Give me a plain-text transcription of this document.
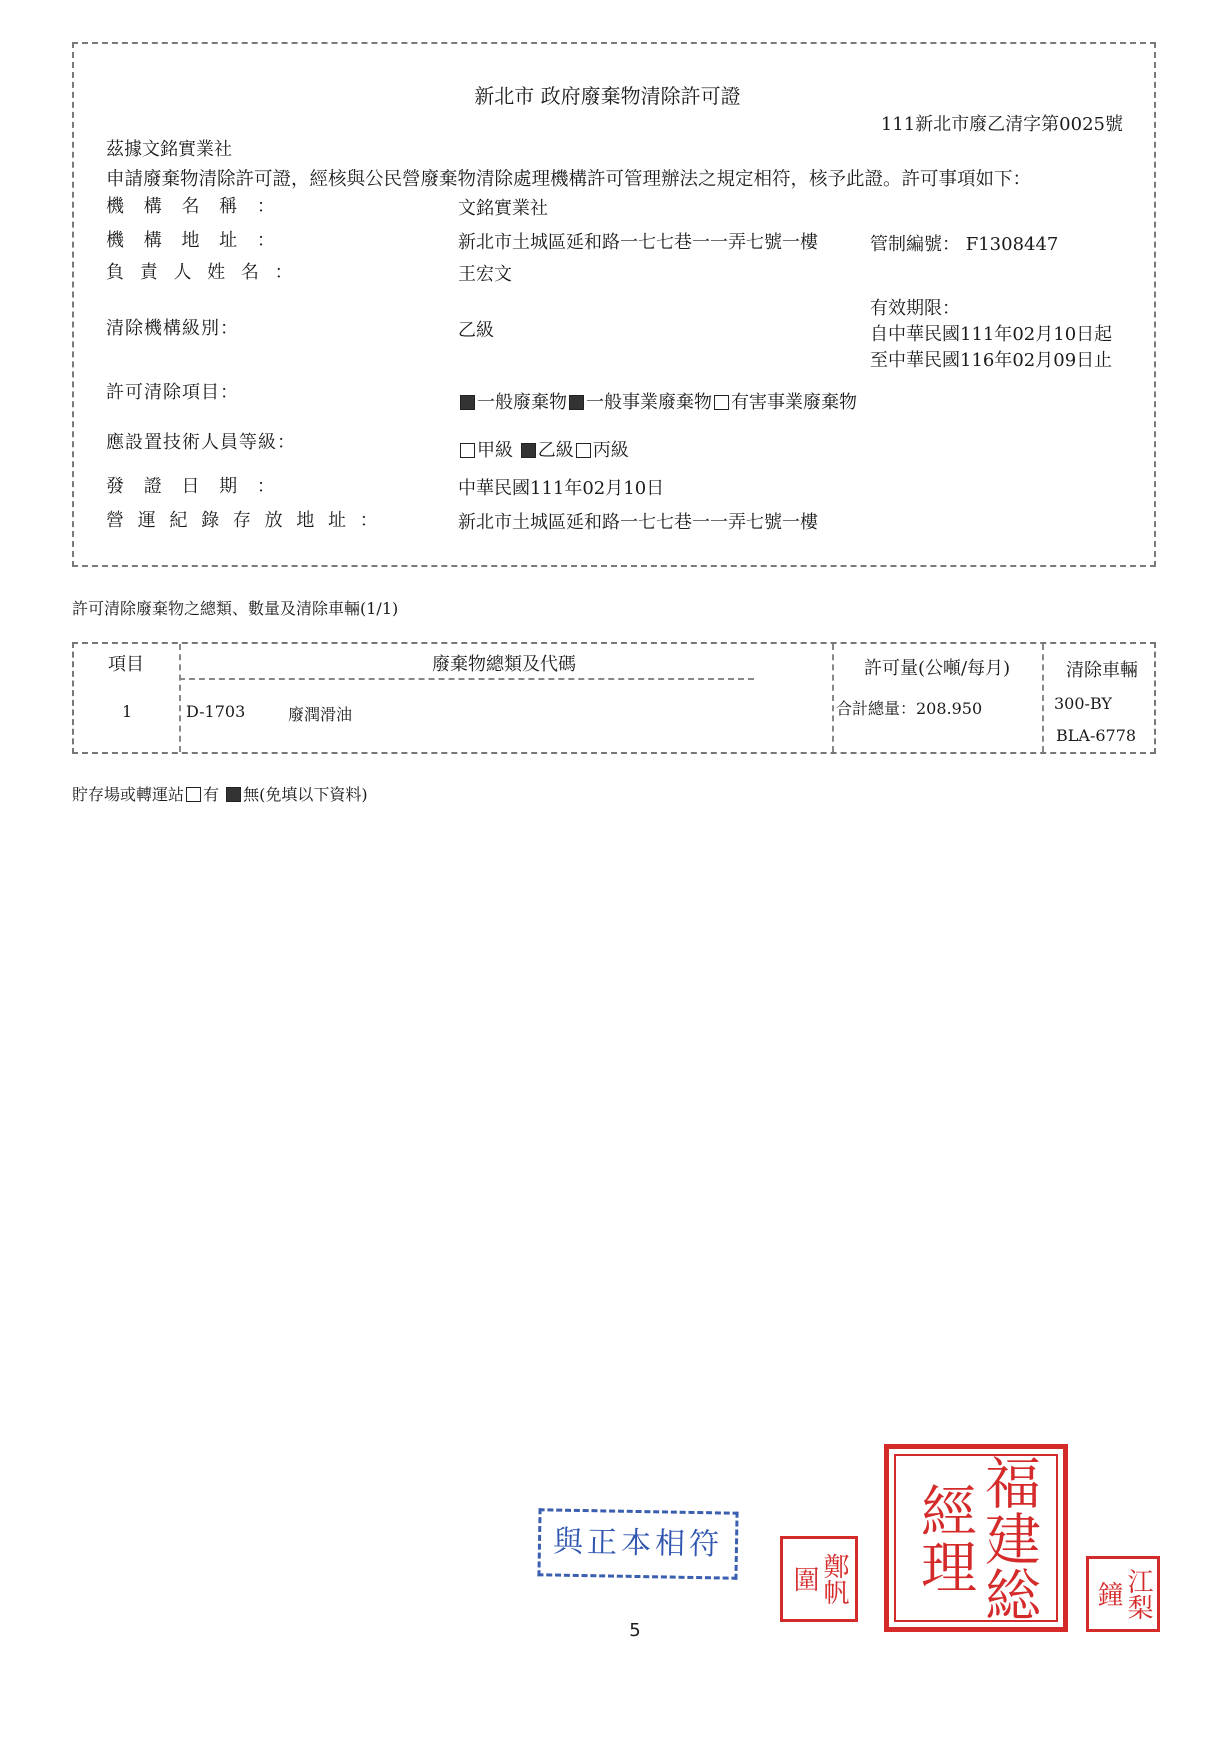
新北市 政府廢棄物清除許可證
111新北市廢乙清字第0025號
茲據文銘實業社
申請廢棄物清除許可證，經核與公民營廢棄物清除處理機構許可管理辦法之規定相符，核予此證。許可事項如下：
機 構 名 稱 ：	文銘實業社
機 構 地 址 ：	新北市土城區延和路一七七巷一一弄七號一樓	管制編號： F1308447
負 責 人 姓 名 ：	王宏文
有效期限：
自中華民國111年02月10日起
至中華民國116年02月09日止
清除機構級別：	乙級
許可清除項目：	一般廢棄物 一般事業廢棄物 有害事業廢棄物
應設置技術人員等級：	甲級 乙級 丙級
發 證 日 期 ：	中華民國111年02月10日
營 運 紀 錄 存 放 地 址 ：	新北市土城區延和路一七七巷一一弄七號一樓
許可清除廢棄物之總類、數量及清除車輛(1/1)
項目	廢棄物總類及代碼	許可量(公噸/每月)	清除車輛
1	D-1703	廢潤滑油	合計總量：208.950	300-BY
BLA-6778
貯存場或轉運站 有 無(免填以下資料)
與正本相符
鄭帆圍	福建総經理	江梨鐘
5
